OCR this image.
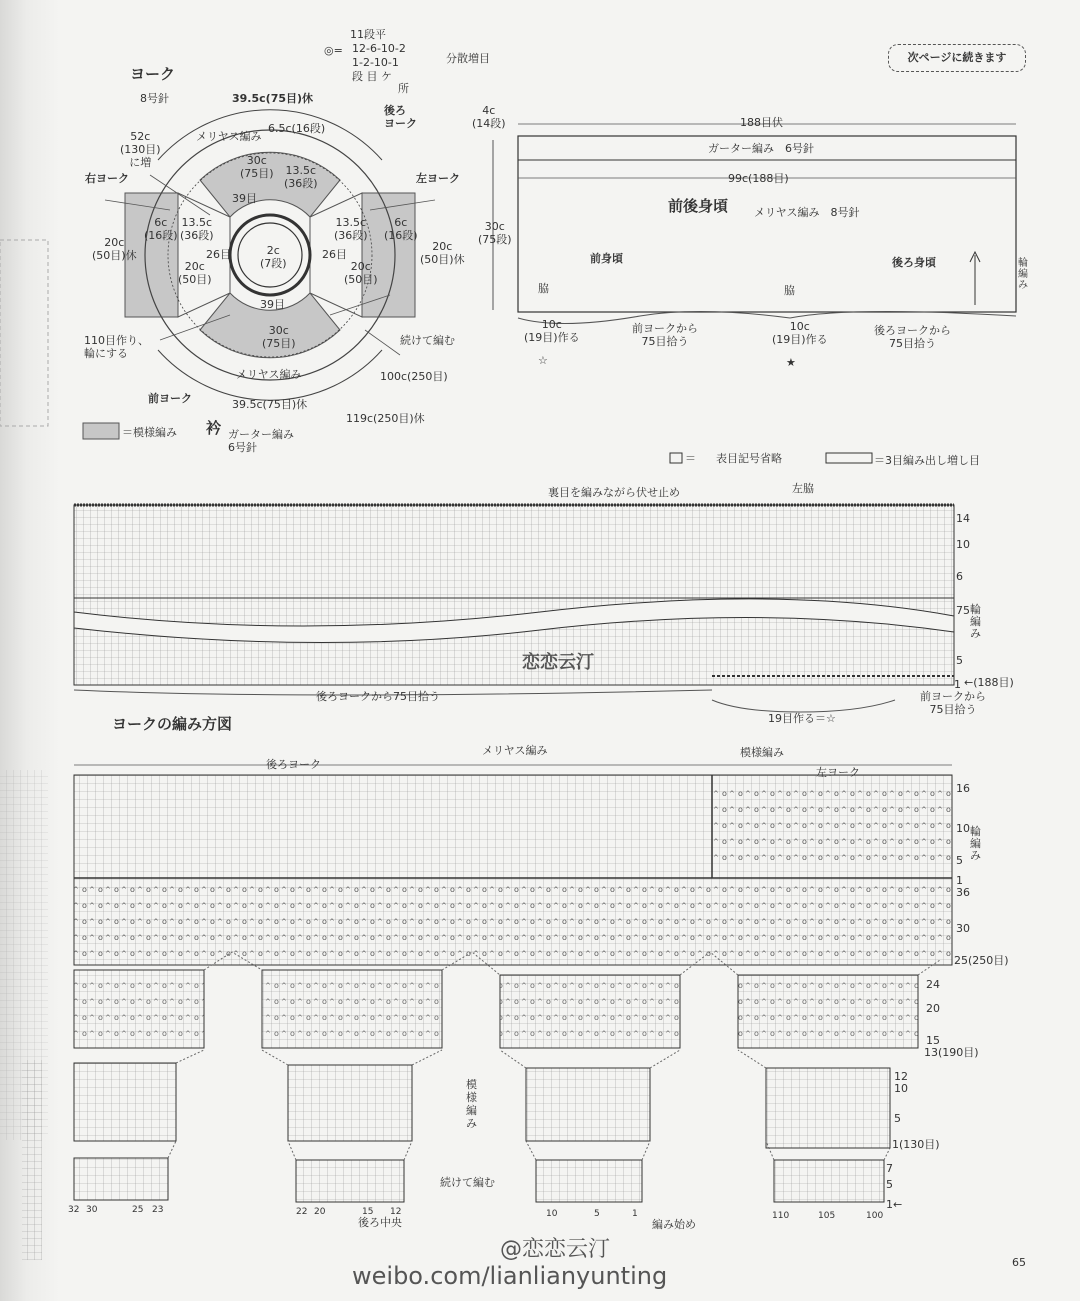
次ページに続きます
ヨーク
8号針
◎=
11段平
12-6-10-2
1-2-10-1
段 目 ケ
所
分散増目
39.5c(75目)休
後ろ
ヨーク
メリヤス編み
6.5c(16段)
52c
(130目)
に増	30c
(75目) 13.5c
(36段)
右ヨーク	左ヨーク
39目
6c
(16段)
13.5c
(36段)
13.5c
(36段)
6c
(16段)
20c
(50目)休
20c
(50目)休
2c
(7段)
26目	26目
20c
(50目)
20c
(50目)
39目
30c
(75目)
110目作り、
輪にする
続けて編む
メリヤス編み	100c(250目)
前ヨーク	39.5c(75目)休
119c(250目)休
＝模様編み 衿 ガーター編み
6号針
4c
(14段)
30c
(75段)
188目伏
ガーター編み　6号針
99c(188目)
前後身頃 メリヤス編み　8号針
前身頃	後ろ身頃	輪編み
脇	脇
10c
(19目)作る
前ヨークから
75目拾う
10c
(19目)作る
後ろヨークから
75目拾う
☆	★
＝ 表目記号省略	＝3目編み出し増し目
裏目を編みながら伏せ止め	左脇
14
10
6
75
5
1
輪
編
み
←(188目)
後ろヨークから75目拾う	前ヨークから
75目拾う
19目作る＝☆
ヨークの編み方図
メリヤス編み	模様編み
後ろヨーク
左ヨーク
16
10
5
1
輪
編
み
36
30
25(250目)
24
20
15
13(190目)
12
10
5
1(130目)
7
5
1←
模
様
編
み
続けて編む
編み始め
後ろ中央
32 30	25 23	22 20	15 12	10	5	1	110	105	100
恋恋云汀
@恋恋云汀
weibo.com/lianlianyunting	65
